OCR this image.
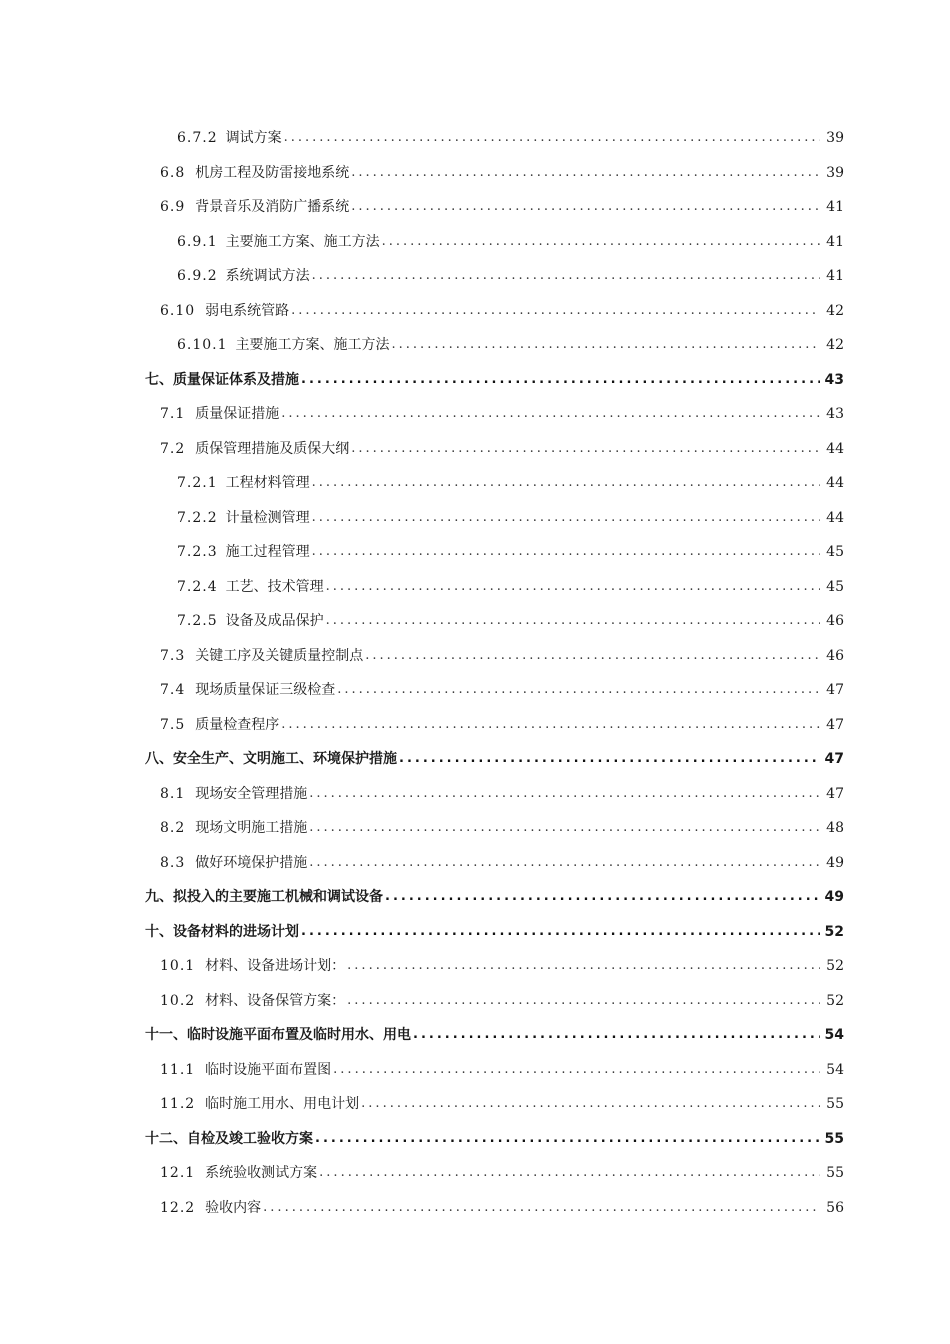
6.7.2 调试方案 .....	39
6.8 机房工程及防雷接地系统 .....	39
6.9 背景音乐及消防广播系统 .....	41
6.9.1 主要施工方案、施工方法 .....	41
6.9.2 系统调试方法 .....	41
6.10 弱电系统管路 .....	42
6.10.1 主要施工方案、施工方法 .....	42
七、质量保证体系及措施 .....	43
7.1 质量保证措施 .....	43
7.2 质保管理措施及质保大纲 .....	44
7.2.1 工程材料管理 .....	44
7.2.2 计量检测管理 .....	44
7.2.3 施工过程管理 .....	45
7.2.4 工艺、技术管理 .....	45
7.2.5 设备及成品保护 .....	46
7.3 关键工序及关键质量控制点 .....	46
7.4 现场质量保证三级检查 .....	47
7.5 质量检查程序 .....	47
八、安全生产、文明施工、环境保护措施 .....	47
8.1 现场安全管理措施 .....	47
8.2 现场文明施工措施 .....	48
8.3 做好环境保护措施 .....	49
九、拟投入的主要施工机械和调试设备 .....	49
十、设备材料的进场计划 .....	52
10.1 材料、设备进场计划： .....	52
10.2 材料、设备保管方案： .....	52
十一、临时设施平面布置及临时用水、用电 .....	54
11.1 临时设施平面布置图 .....	54
11.2 临时施工用水、用电计划 .....	55
十二、自检及竣工验收方案 .....	55
12.1 系统验收测试方案 .....	55
12.2 验收内容 .....	56
